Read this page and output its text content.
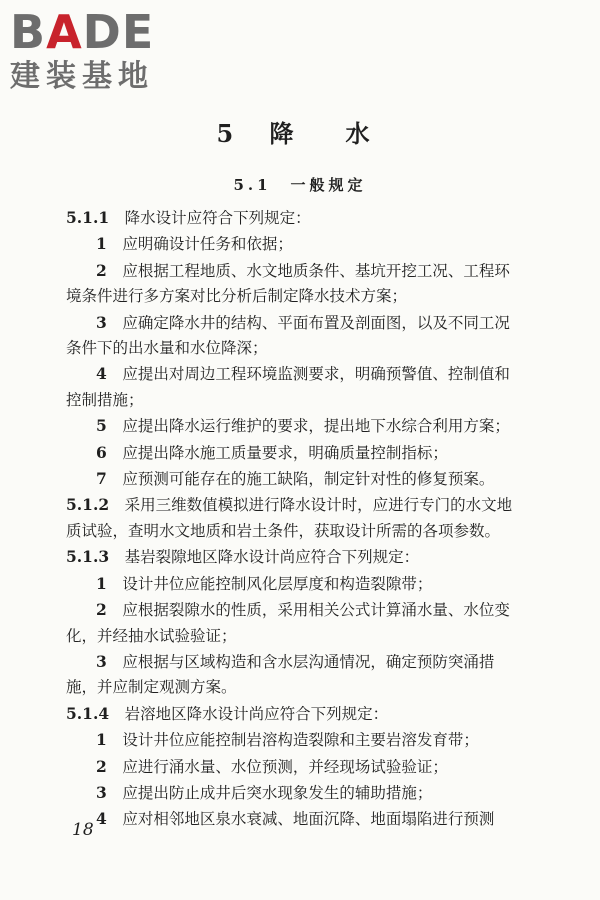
BADE
建装基地
5 降　水
5.1　一般规定

5.1.1　 降水设计应符合下列规定：

1　 应明确设计任务和依据；

2　 应根据工程地质、水文地质条件、基坑开挖工况、工程环境条件进行多方案对比分析后制定降水技术方案；

3　 应确定降水井的结构、平面布置及剖面图，以及不同工况条件下的出水量和水位降深；

4　 应提出对周边工程环境监测要求，明确预警值、控制值和控制措施；

5　 应提出降水运行维护的要求，提出地下水综合利用方案；

6　 应提出降水施工质量要求，明确质量控制指标；

7　 应预测可能存在的施工缺陷，制定针对性的修复预案。

5.1.2　 采用三维数值模拟进行降水设计时，应进行专门的水文地质试验，查明水文地质和岩土条件，获取设计所需的各项参数。

5.1.3　 基岩裂隙地区降水设计尚应符合下列规定：

1　 设计井位应能控制风化层厚度和构造裂隙带；

2　 应根据裂隙水的性质，采用相关公式计算涌水量、水位变化，并经抽水试验验证；

3　 应根据与区域构造和含水层沟通情况，确定预防突涌措施，并应制定观测方案。

5.1.4　 岩溶地区降水设计尚应符合下列规定：

1　 设计井位应能控制岩溶构造裂隙和主要岩溶发育带；

2　 应进行涌水量、水位预测，并经现场试验验证；

3　 应提出防止成井后突水现象发生的辅助措施；

4　 应对相邻地区泉水衰减、地面沉降、地面塌陷进行预测

18
